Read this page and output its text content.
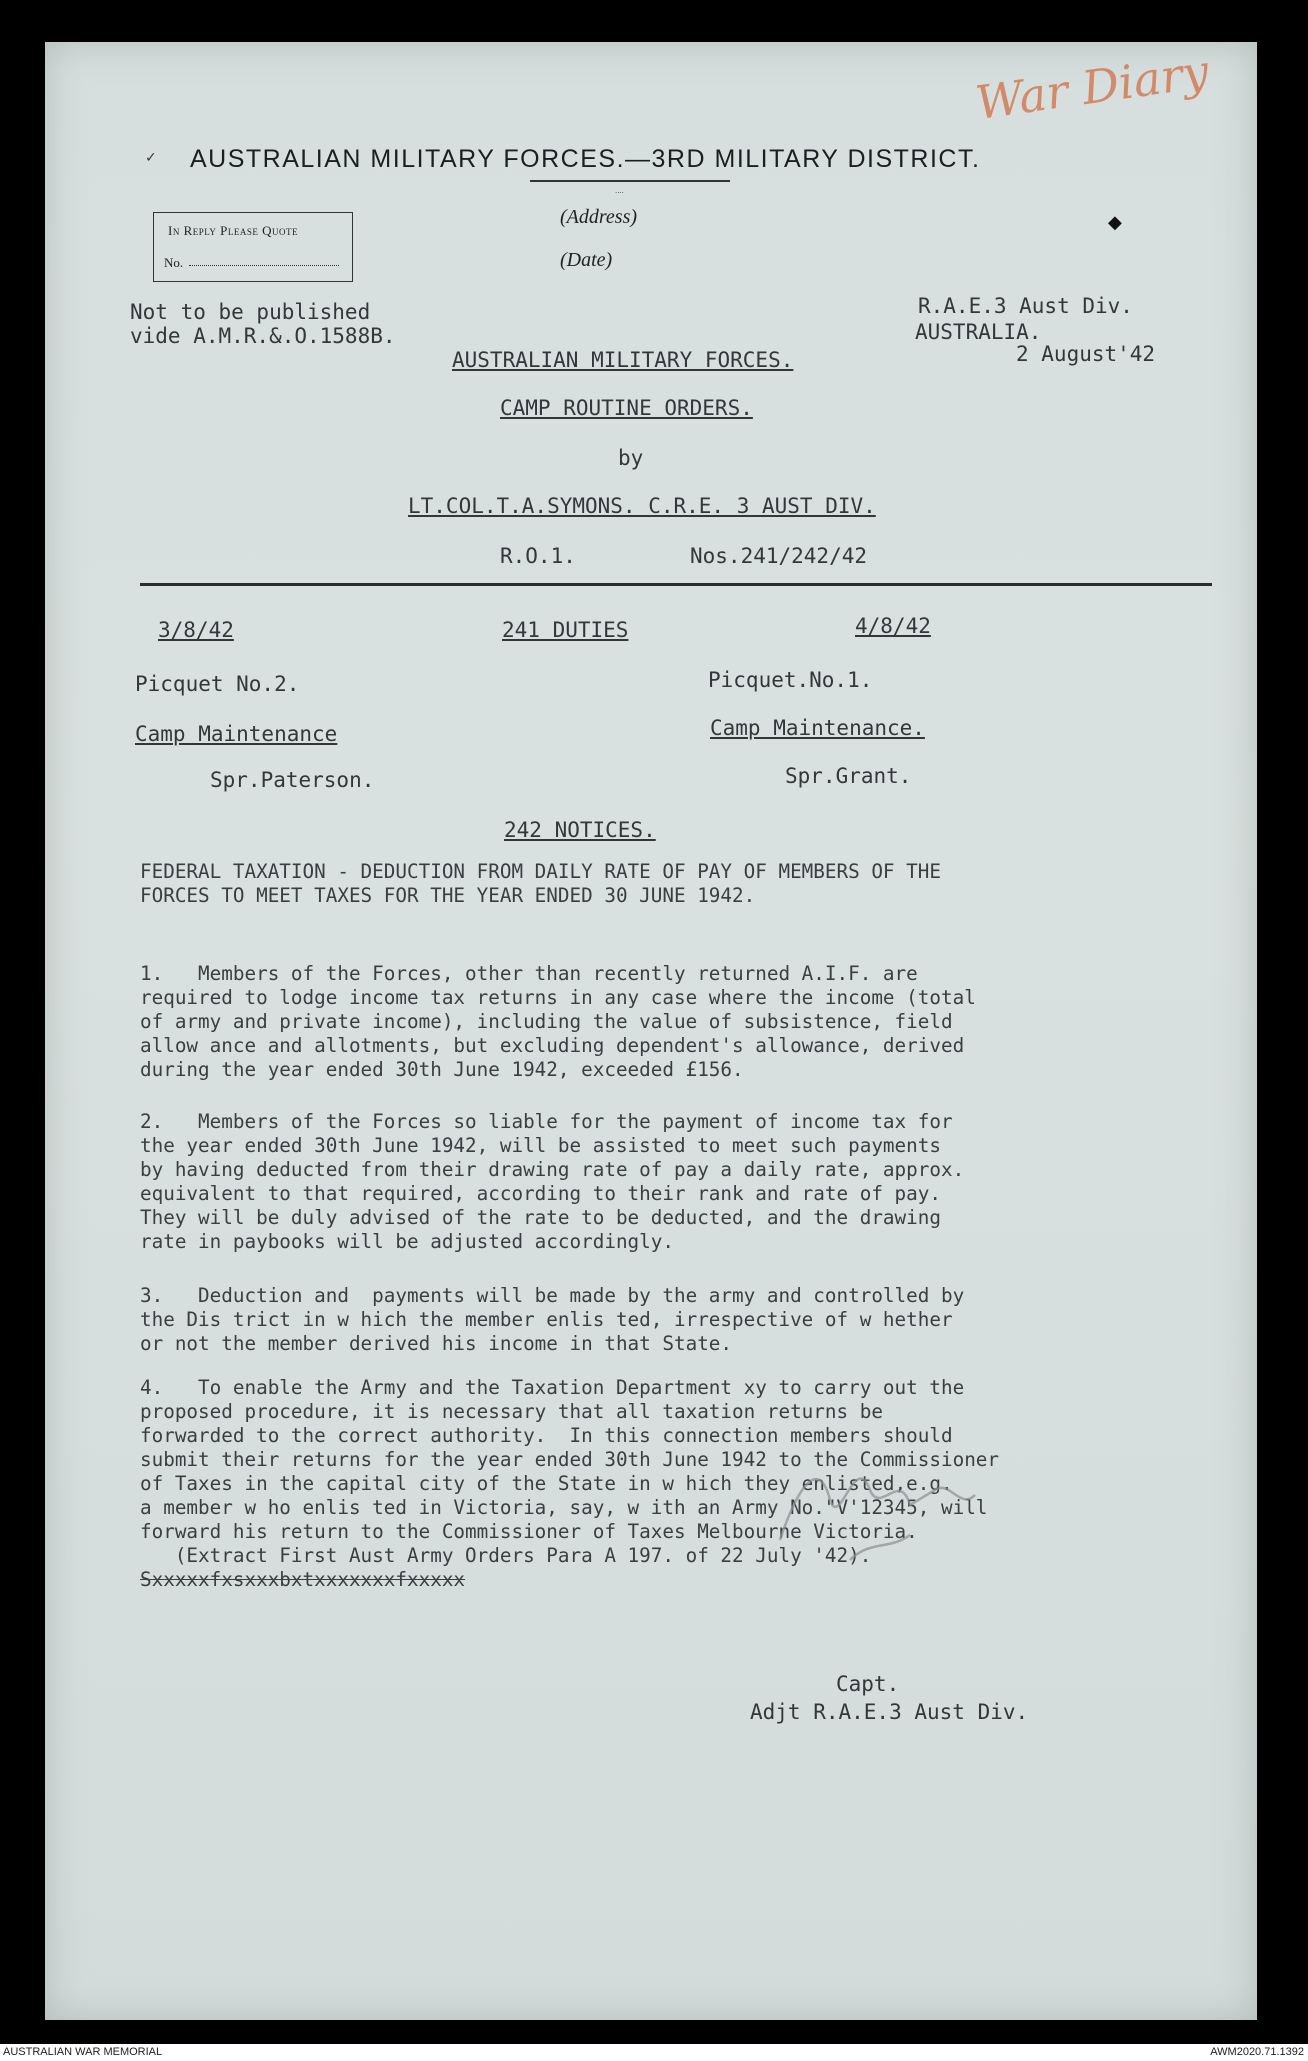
War Diary
✓ AUSTRALIAN MILITARY FORCES.—3RD MILITARY DISTRICT.
....
In Reply Please Quote
No.
(Address)
(Date)
◆
Not to be published
vide A.M.R.&.O.1588B.
R.A.E.3 Aust Div.
AUSTRALIA.
2 August'42
AUSTRALIAN MILITARY FORCES.
CAMP ROUTINE ORDERS.
by
LT.COL.T.A.SYMONS. C.R.E. 3 AUST DIV.
R.O.1.	Nos.241/242/42
3/8/42	241 DUTIES	4/8/42
Picquet No.2.	Picquet.No.1.
Camp Maintenance	Camp Maintenance.
Spr.Paterson.	Spr.Grant.
242 NOTICES.
FEDERAL TAXATION - DEDUCTION FROM DAILY RATE OF PAY OF MEMBERS OF THE
FORCES TO MEET TAXES FOR THE YEAR ENDED 30 JUNE 1942.

1.   Members of the Forces, other than recently returned A.I.F. are
required to lodge income tax returns in any case where the income (total
of army and private income), including the value of subsistence, field
allow ance and allotments, but excluding dependent's allowance, derived
during the year ended 30th June 1942, exceeded £156.

2.   Members of the Forces so liable for the payment of income tax for
the year ended 30th June 1942, will be assisted to meet such payments
by having deducted from their drawing rate of pay a daily rate, approx.
equivalent to that required, according to their rank and rate of pay.
They will be duly advised of the rate to be deducted, and the drawing
rate in paybooks will be adjusted accordingly.

3.   Deduction and  payments will be made by the army and controlled by
the Dis trict in w hich the member enlis ted, irrespective of w hether
or not the member derived his income in that State.

4.   To enable the Army and the Taxation Department xy to carry out the
proposed procedure, it is necessary that all taxation returns be
forwarded to the correct authority.  In this connection members should
submit their returns for the year ended 30th June 1942 to the Commissioner
of Taxes in the capital city of the State in w hich they enlisted,e.g.
a member w ho enlis ted in Victoria, say, w ith an Army No."V'12345, will
forward his return to the Commissioner of Taxes Melbourne Victoria.
(Extract First Aust Army Orders Para A 197. of 22 July '42).
Sxxxxxfxsxxxbxtxxxxxxxfxxxxx

Capt.
Adjt R.A.E.3 Aust Div.
AUSTRALIAN WAR MEMORIAL	AWM2020.71.1392
